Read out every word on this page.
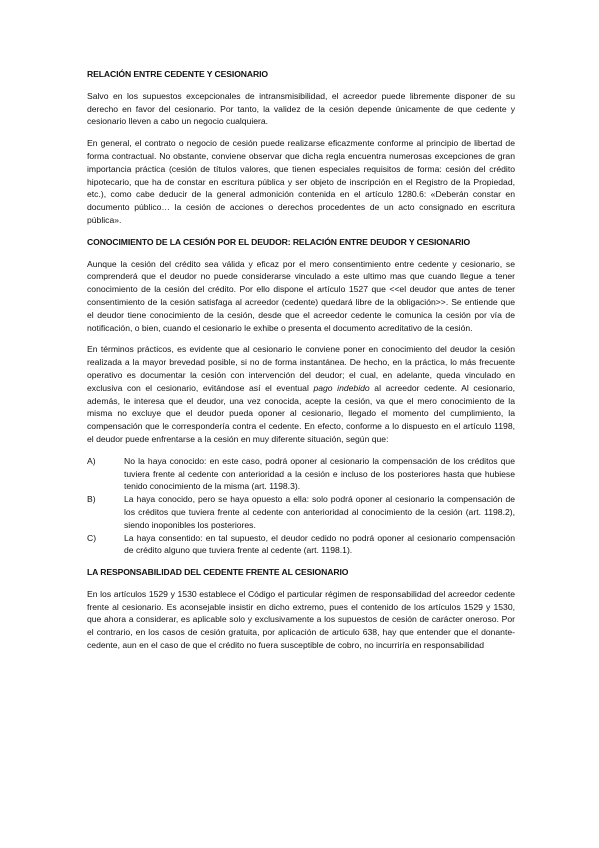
RELACIÓN ENTRE CEDENTE Y CESIONARIO

Salvo en los supuestos excepcionales de intransmisibilidad, el acreedor puede libremente disponer de su derecho en favor del cesionario. Por tanto, la validez de la cesión depende únicamente de que cedente y cesionario lleven a cabo un negocio cualquiera.

En general, el contrato o negocio de cesión puede realizarse eficazmente conforme al principio de libertad de forma contractual. No obstante, conviene observar que dicha regla encuentra numerosas excepciones de gran importancia práctica (cesión de títulos valores, que tienen especiales requisitos de forma: cesión del crédito hipotecario, que ha de constar en escritura pública y ser objeto de inscripción en el Registro de la Propiedad, etc.), como cabe deducir de la general admonición contenida en el artículo 1280.6: «Deberán constar en documento público… la cesión de acciones o derechos procedentes de un acto consignado en escritura pública».

CONOCIMIENTO DE LA CESIÓN POR EL DEUDOR: RELACIÓN ENTRE DEUDOR Y CESIONARIO

Aunque la cesión del crédito sea válida y eficaz por el mero consentimiento entre cedente y cesionario, se comprenderá que el deudor no puede considerarse vinculado a este ultimo mas que cuando llegue a tener conocimiento de la cesión del crédito. Por ello dispone el artículo 1527 que <<el deudor que antes de tener consentimiento de la cesión satisfaga al acreedor (cedente) quedará libre de la obligación>>. Se entiende que el deudor tiene conocimiento de la cesión, desde que el acreedor cedente le comunica la cesión por vía de notificación, o bien, cuando el cesionario le exhibe o presenta el documento acreditativo de la cesión.

En términos prácticos, es evidente que al cesionario le conviene poner en conocimiento del deudor la cesión realizada a la mayor brevedad posible, si no de forma instantánea. De hecho, en la práctica, lo más frecuente operativo es documentar la cesión con intervención del deudor; el cual, en adelante, queda vinculado en exclusiva con el cesionario, evitándose así el eventual pago indebido al acreedor cedente. Al cesionario, además, le interesa que el deudor, una vez conocida, acepte la cesión, va que el mero conocimiento de la misma no excluye que el deudor pueda oponer al cesionario, llegado el momento del cumplimiento, la compensación que le correspondería contra el cedente. En efecto, conforme a lo dispuesto en el artículo 1198, el deudor puede enfrentarse a la cesión en muy diferente situación, según que:

A)	No la haya conocido: en este caso, podrá oponer al cesionario la compensación de los créditos que tuviera frente al cedente con anterioridad a la cesión e incluso de los posteriores hasta que hubiese tenido conocimiento de la misma (art. 1198.3).
B)	La haya conocido, pero se haya opuesto a ella: solo podrá oponer al cesionario la compensación de los créditos que tuviera frente al cedente con anterioridad al conocimiento de la cesión (art. 1198.2), siendo inoponibles los posteriores.
C)	La haya consentido: en tal supuesto, el deudor cedido no podrá oponer al cesionario compensación de crédito alguno que tuviera frente al cedente (art. 1198.1).
LA RESPONSABILIDAD DEL CEDENTE FRENTE AL CESIONARIO

En los artículos 1529 y 1530 establece el Código el particular régimen de responsabilidad del acreedor cedente frente al cesionario. Es aconsejable insistir en dicho extremo, pues el contenido de los artículos 1529 y 1530, que ahora a considerar, es aplicable solo y exclusivamente a los supuestos de cesión de carácter oneroso. Por el contrario, en los casos de cesión gratuita, por aplicación de articulo 638, hay que entender que el donante-cedente, aun en el caso de que el crédito no fuera susceptible de cobro, no incurriría en responsabilidad
